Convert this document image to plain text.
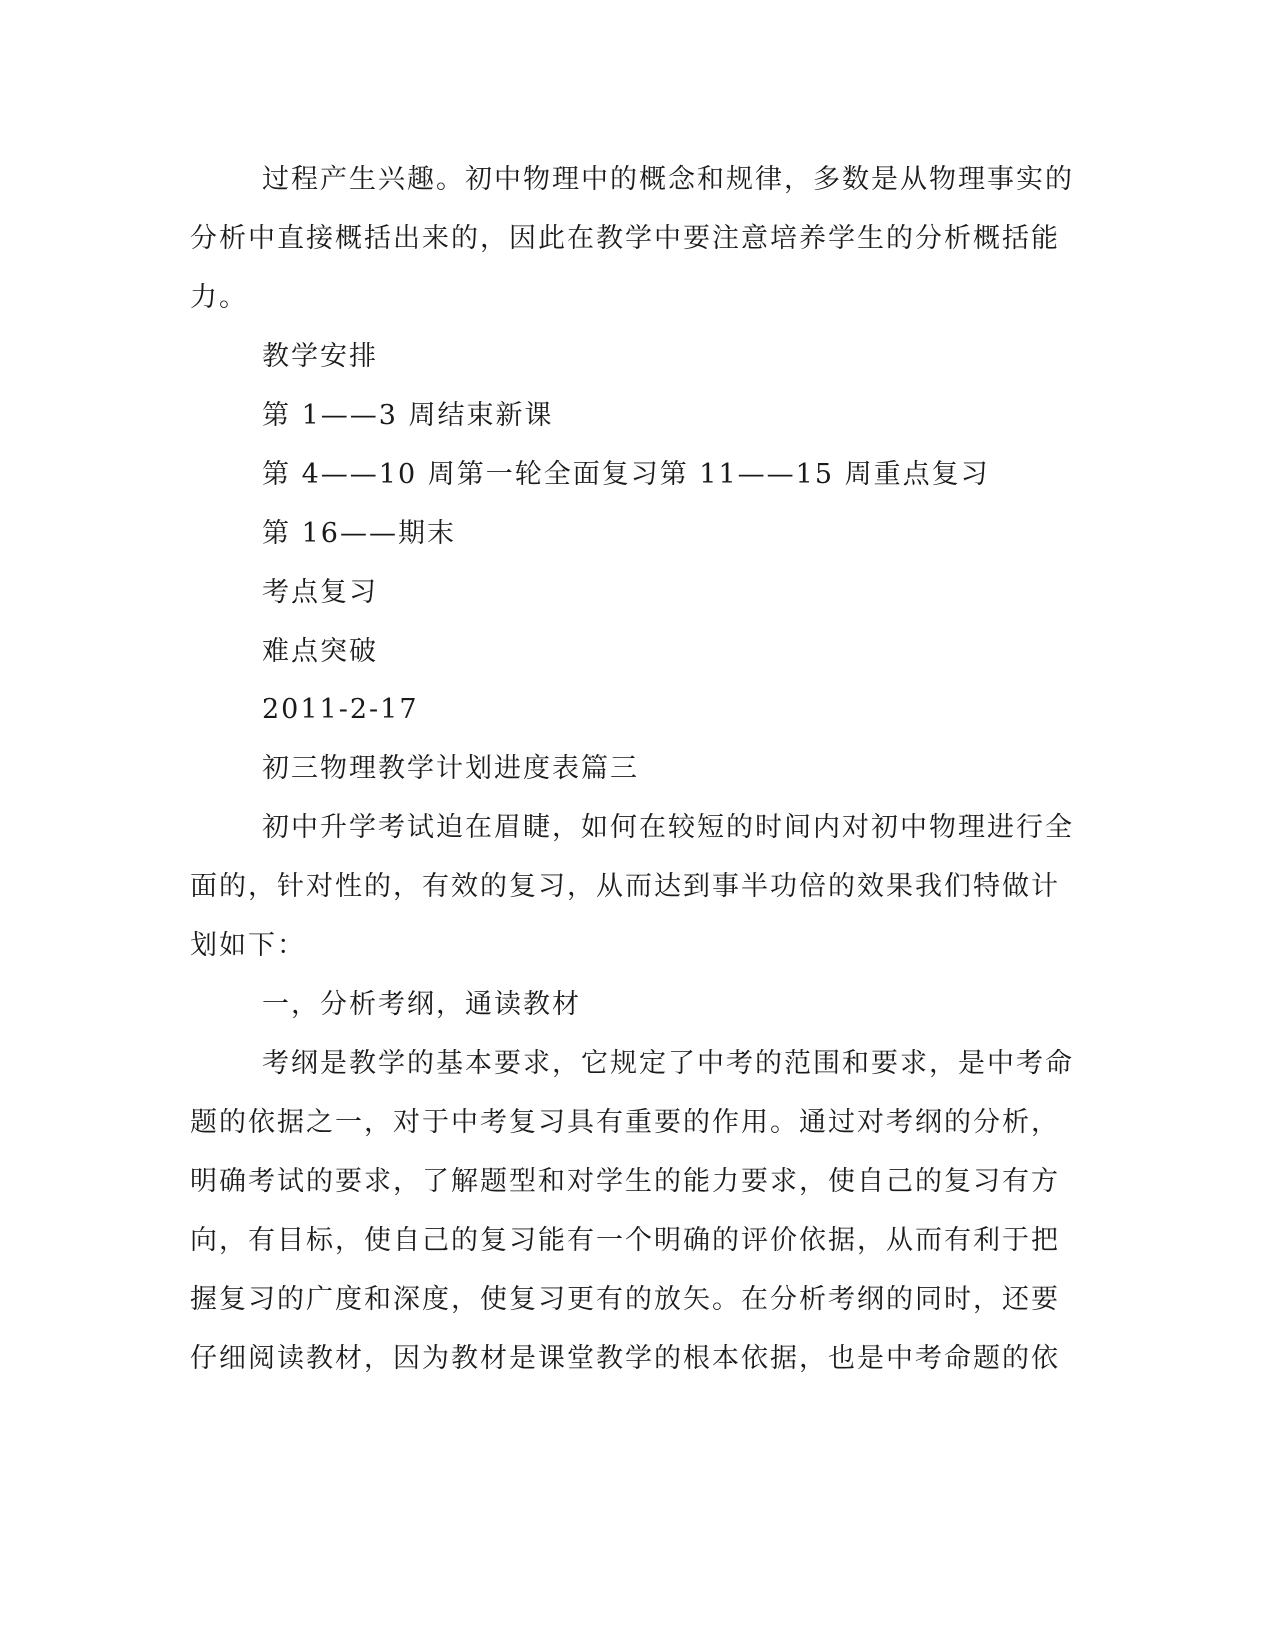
过程产生兴趣。初中物理中的概念和规律，多数是从物理事实的
分析中直接概括出来的，因此在教学中要注意培养学生的分析概括能
力。
教学安排
第 1——3 周结束新课
第 4——10 周第一轮全面复习第 11——15 周重点复习
第 16——期末
考点复习
难点突破
2011-2-17
初三物理教学计划进度表篇三
初中升学考试迫在眉睫，如何在较短的时间内对初中物理进行全
面的，针对性的，有效的复习，从而达到事半功倍的效果我们特做计
划如下：
一，分析考纲，通读教材
考纲是教学的基本要求，它规定了中考的范围和要求，是中考命
题的依据之一，对于中考复习具有重要的作用。通过对考纲的分析，
明确考试的要求，了解题型和对学生的能力要求，使自己的复习有方
向，有目标，使自己的复习能有一个明确的评价依据，从而有利于把
握复习的广度和深度，使复习更有的放矢。在分析考纲的同时，还要
仔细阅读教材，因为教材是课堂教学的根本依据，也是中考命题的依
